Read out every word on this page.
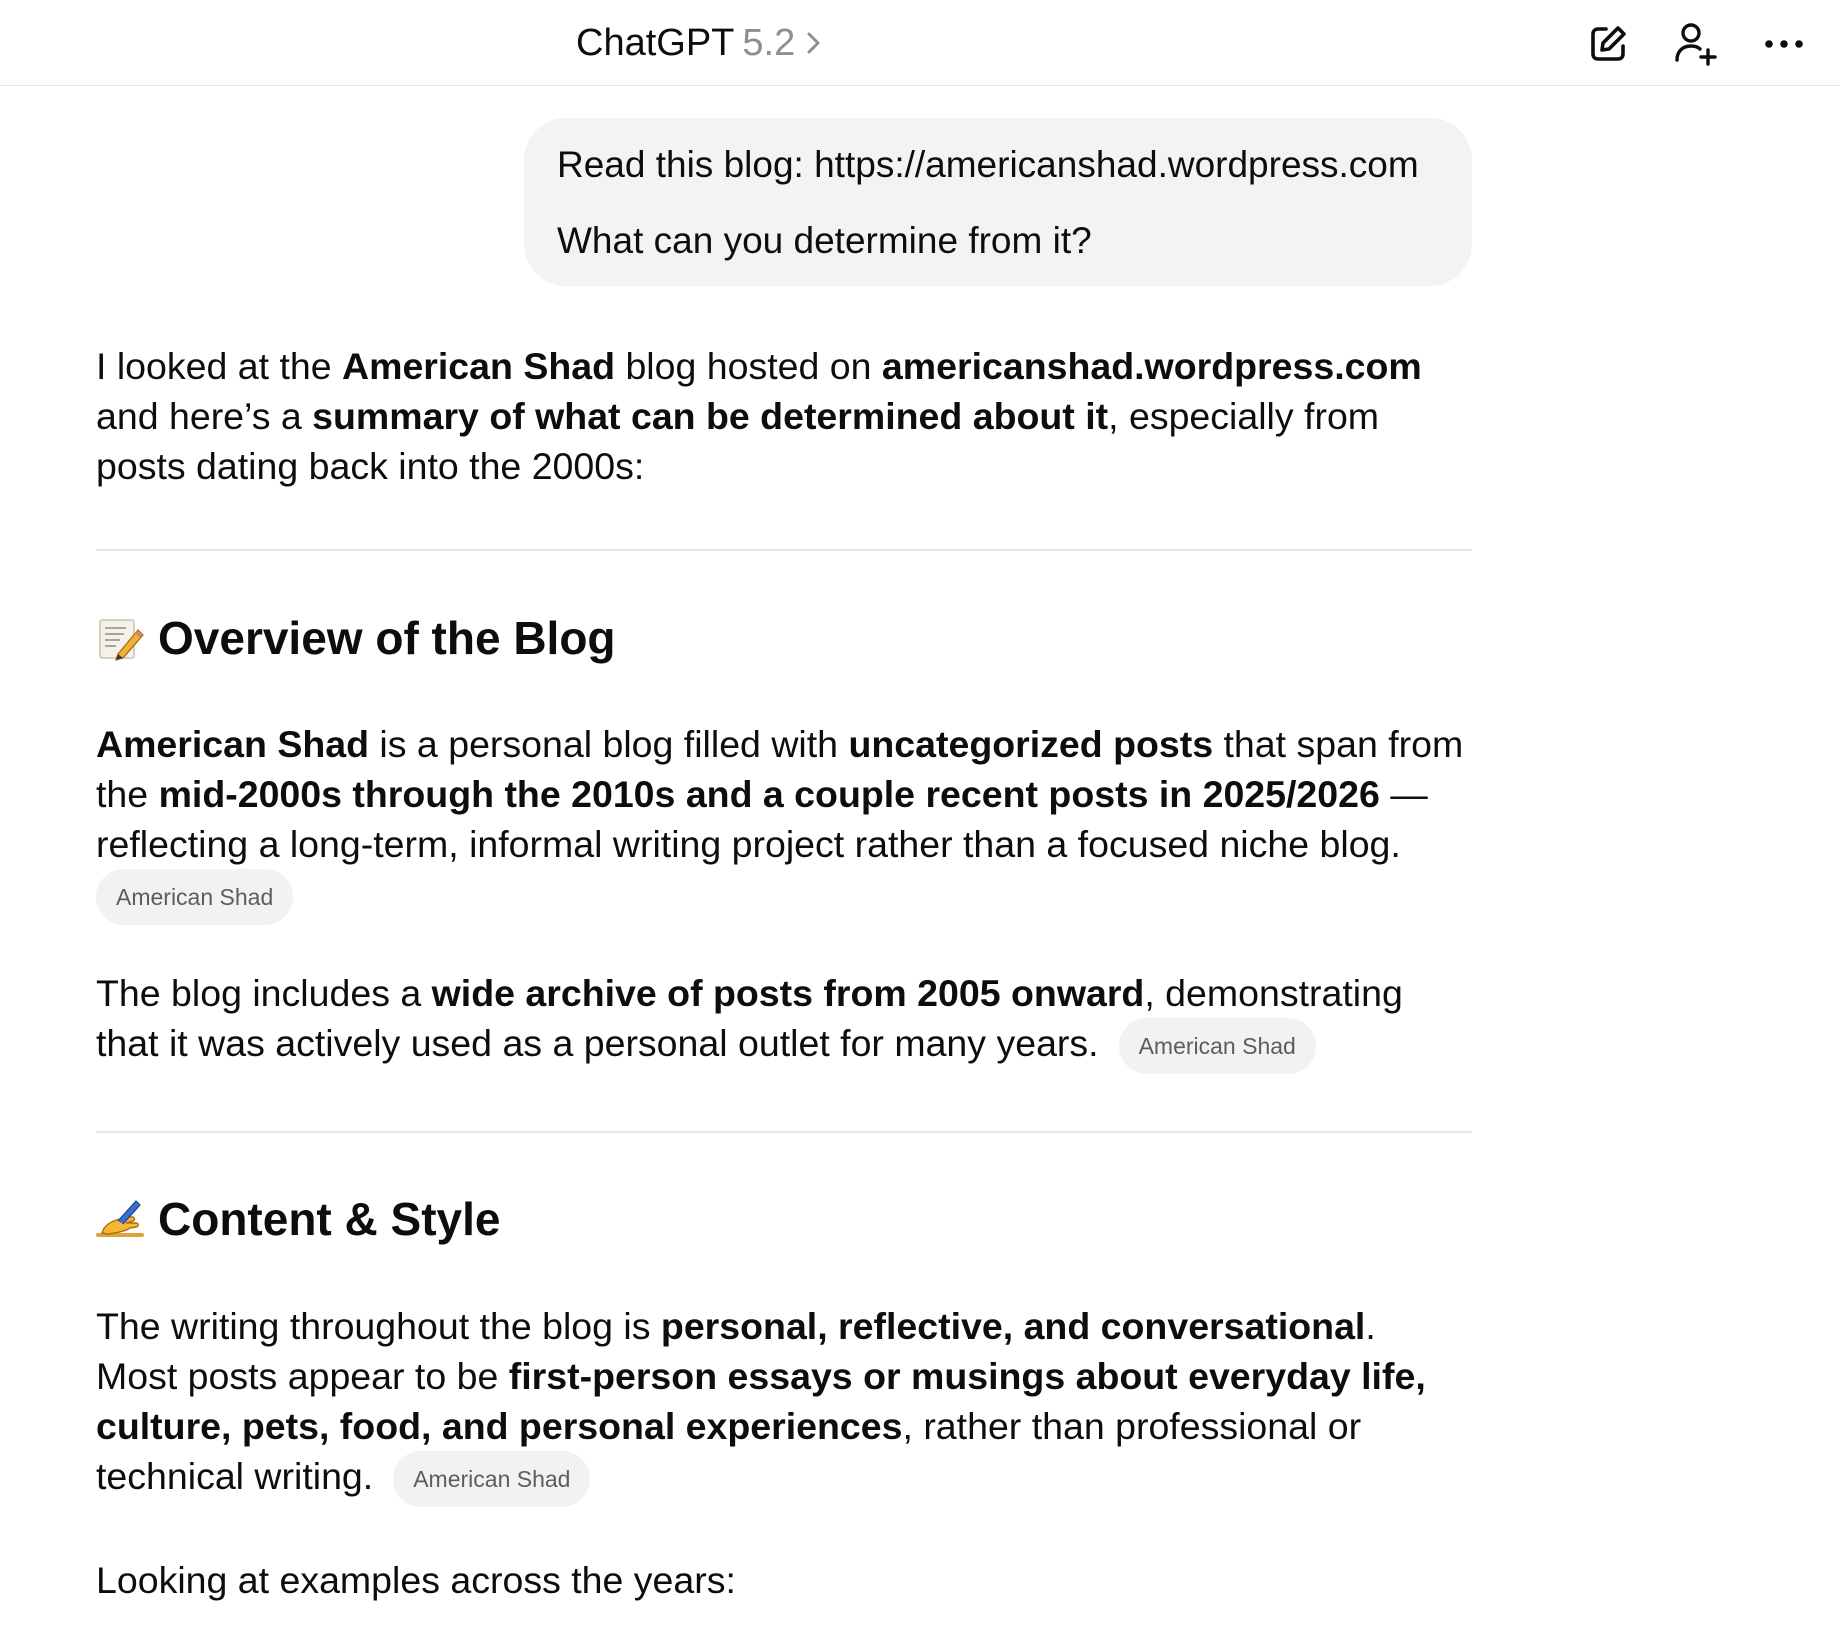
ChatGPT 5.2

Read this blog: https://americanshad.wordpress.com

What can you determine from it?

I looked at the American Shad blog hosted on americanshad.wordpress.com
and here’s a summary of what can be determined about it, especially from
posts dating back into the 2000s:
Overview of the Blog
American Shad is a personal blog filled with uncategorized posts that span from
the mid-2000s through the 2010s and a couple recent posts in 2025/2026 —
reflecting a long-term, informal writing project rather than a focused niche blog.
American Shad
The blog includes a wide archive of posts from 2005 onward, demonstrating
that it was actively used as a personal outlet for many years. American Shad
Content & Style
The writing throughout the blog is personal, reflective, and conversational.
Most posts appear to be first-person essays or musings about everyday life,
culture, pets, food, and personal experiences, rather than professional or
technical writing. American Shad
Looking at examples across the years:
